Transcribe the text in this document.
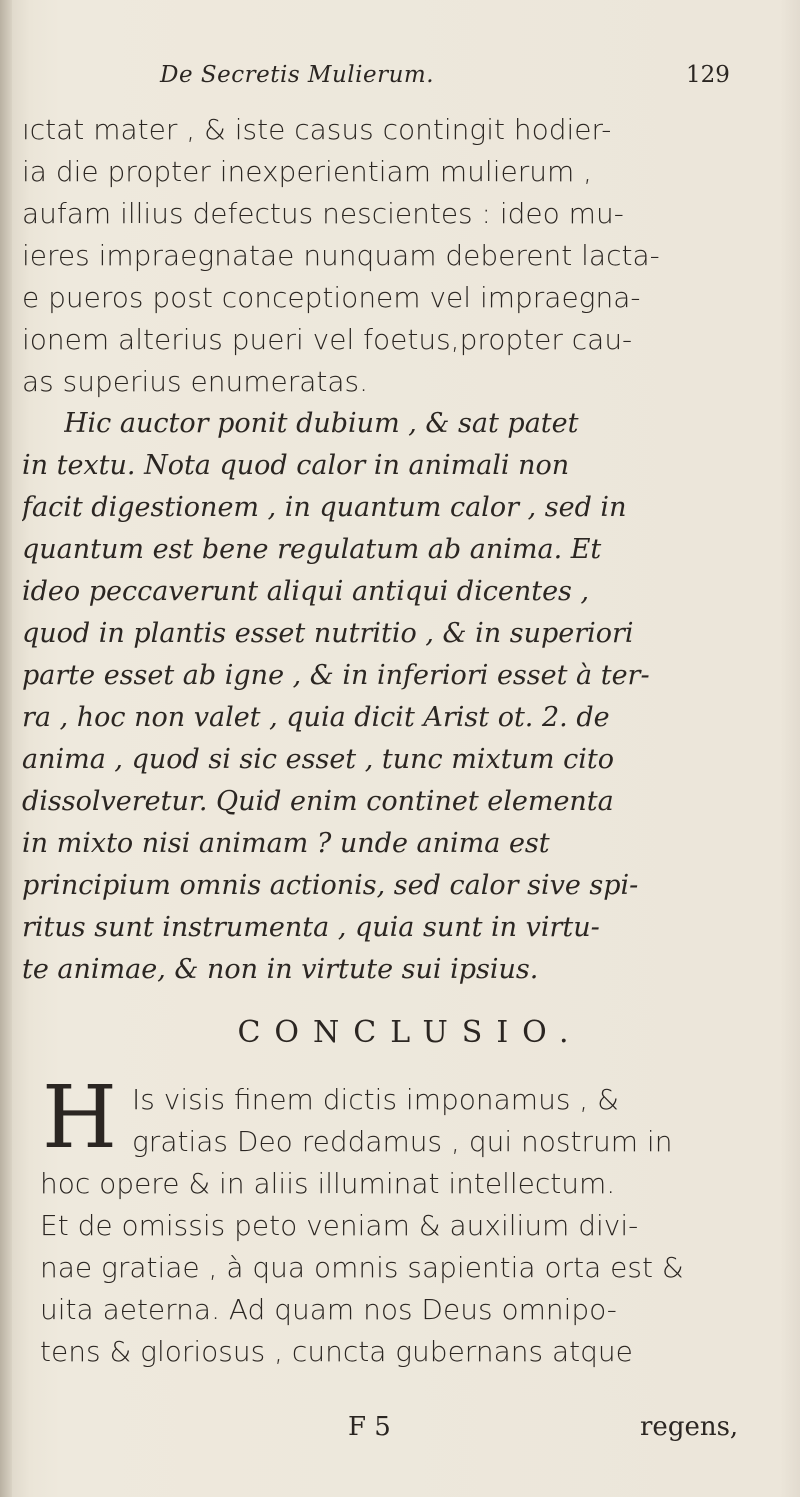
De Secretis Mulierum.	129
ıctat mater , & iste casus contingit hodier-
ia die propter inexperientiam mulierum ,
aufam illius defectus nescientes : ideo mu-
ieres impraegnatae nunquam deberent lacta-
e pueros post conceptionem vel impraegna-
ionem alterius pueri vel foetus,propter cau-
as superius enumeratas.
Hic auctor ponit dubium , & sat patet
in textu. Nota quod calor in animali non
facit digestionem , in quantum calor , sed in
quantum est bene regulatum ab anima. Et
ideo peccaverunt aliqui antiqui dicentes ,
quod in plantis esset nutritio , & in superiori
parte esset ab igne , & in inferiori esset à ter-
ra , hoc non valet , quia dicit Arist ot. 2. de
anima , quod si sic esset , tunc mixtum cito
dissolveretur. Quid enim continet elementa
in mixto nisi animam ? unde anima est
principium omnis actionis, sed calor sive spi-
ritus sunt instrumenta , quia sunt in virtu-
te animae, & non in virtute sui ipsius.
CONCLUSIO.
H Is visis finem dictis imponamus , &
gratias Deo reddamus , qui nostrum in
hoc opere & in aliis illuminat intellectum.
Et de omissis peto veniam & auxilium divi-
nae gratiae , à qua omnis sapientia orta est &
uita aeterna. Ad quam nos Deus omnipo-
tens & gloriosus , cuncta gubernans atque
F 5	regens,
